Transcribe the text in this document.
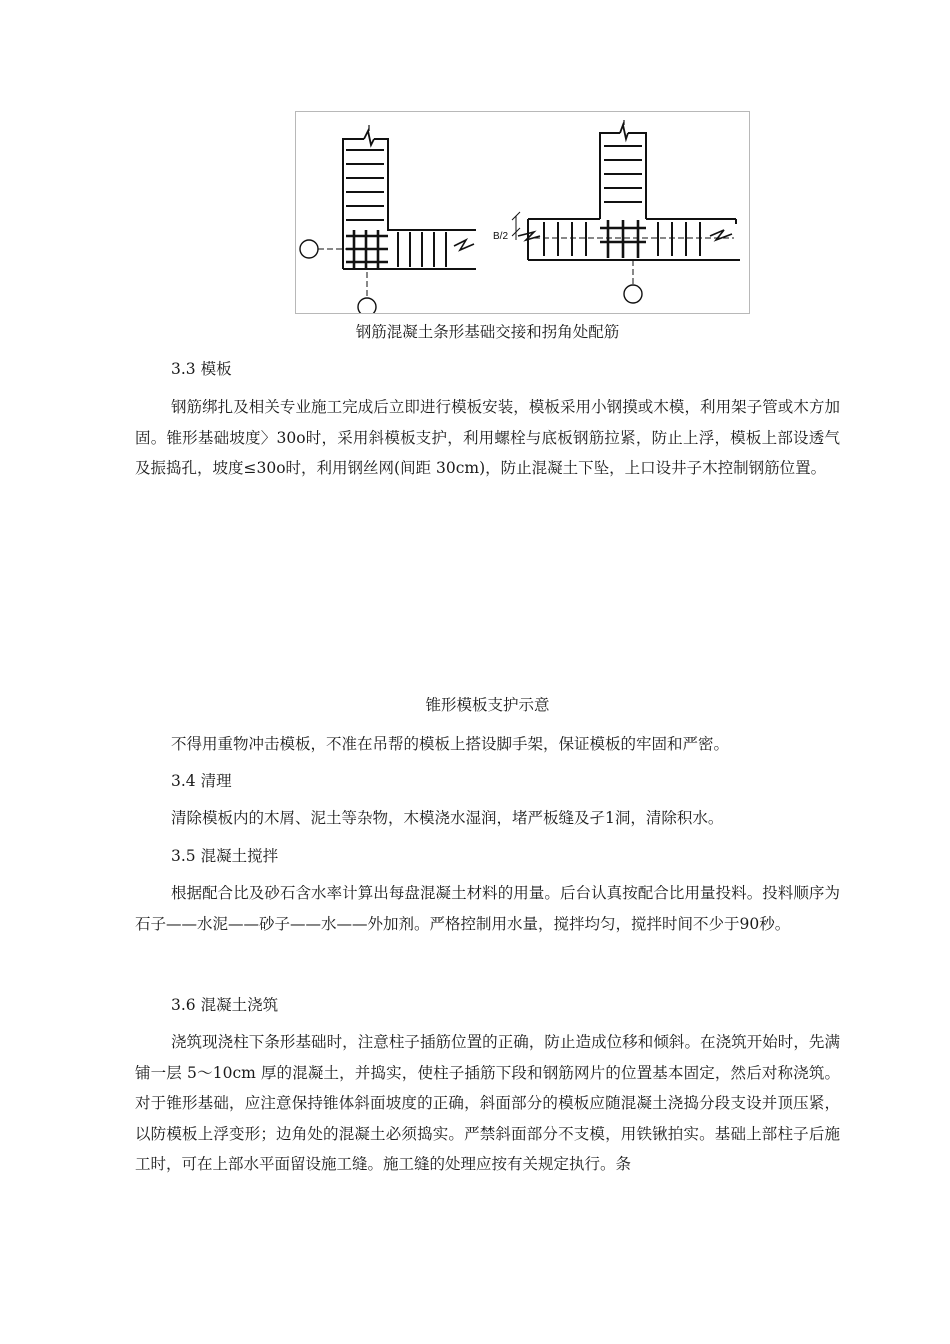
B/2

钢筋混凝土条形基础交接和拐角处配筋

3.3 模板

钢筋绑扎及相关专业施工完成后立即进行模板安装，模板采用小钢摸或木模，利用架子管或木方加固。锥形基础坡度〉30o时，采用斜模板支护，利用螺栓与底板钢筋拉紧，防止上浮，模板上部设透气及振捣孔，坡度≤30o时，利用钢丝网(间距 30cm)，防止混凝土下坠，上口设井子木控制钢筋位置。

锥形模板支护示意

不得用重物冲击模板，不准在吊帮的模板上搭设脚手架，保证模板的牢固和严密。

3.4 清理

清除模板内的木屑、泥土等杂物，木模浇水湿润，堵严板缝及孑1洞，清除积水。

3.5 混凝土搅拌

根据配合比及砂石含水率计算出每盘混凝土材料的用量。后台认真按配合比用量投料。投料顺序为石子——水泥——砂子——水——外加剂。严格控制用水量，搅拌均匀，搅拌时间不少于90秒。

3.6 混凝土浇筑

浇筑现浇柱下条形基础时，注意柱子插筋位置的正确，防止造成位移和倾斜。在浇筑开始时，先满铺一层 5～10cm 厚的混凝土，并捣实，使柱子插筋下段和钢筋网片的位置基本固定，然后对称浇筑。对于锥形基础，应注意保持锥体斜面坡度的正确，斜面部分的模板应随混凝土浇捣分段支设并顶压紧，以防模板上浮变形；边角处的混凝土必须捣实。严禁斜面部分不支模，用铁锹拍实。基础上部柱子后施工时，可在上部水平面留设施工缝。施工缝的处理应按有关规定执行。条
